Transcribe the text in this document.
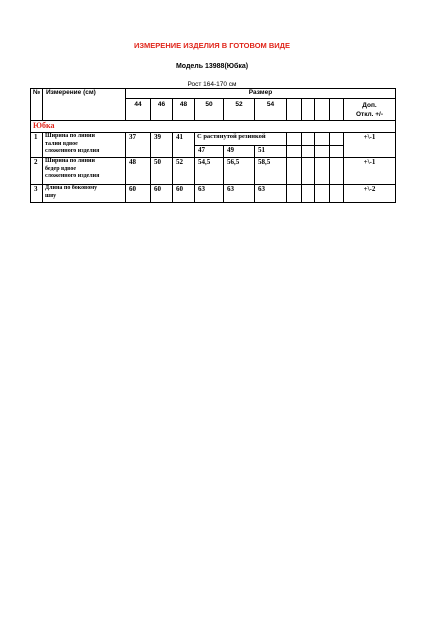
ИЗМЕРЕНИЕ ИЗДЕЛИЯ В ГОТОВОМ ВИДЕ
Модель 13988(Юбка)
Рост 164-170 см
№	Измерение (см)	Размер										
		44	46	48	50	52	54					Доп.
Откл. +/-
Юбка												
1	Ширина по линии
талии вдвое
сложенного изделия	37	39	41	С растянутой резинкой							+\-1
					47	49	51					
2	Ширина по линии
бедер вдвое
сложенного изделия	48	50	52	54,5	56,5	58,5					+\-1
3	Длина по боковому
шву	60	60	60	63	63	63					+\-2
